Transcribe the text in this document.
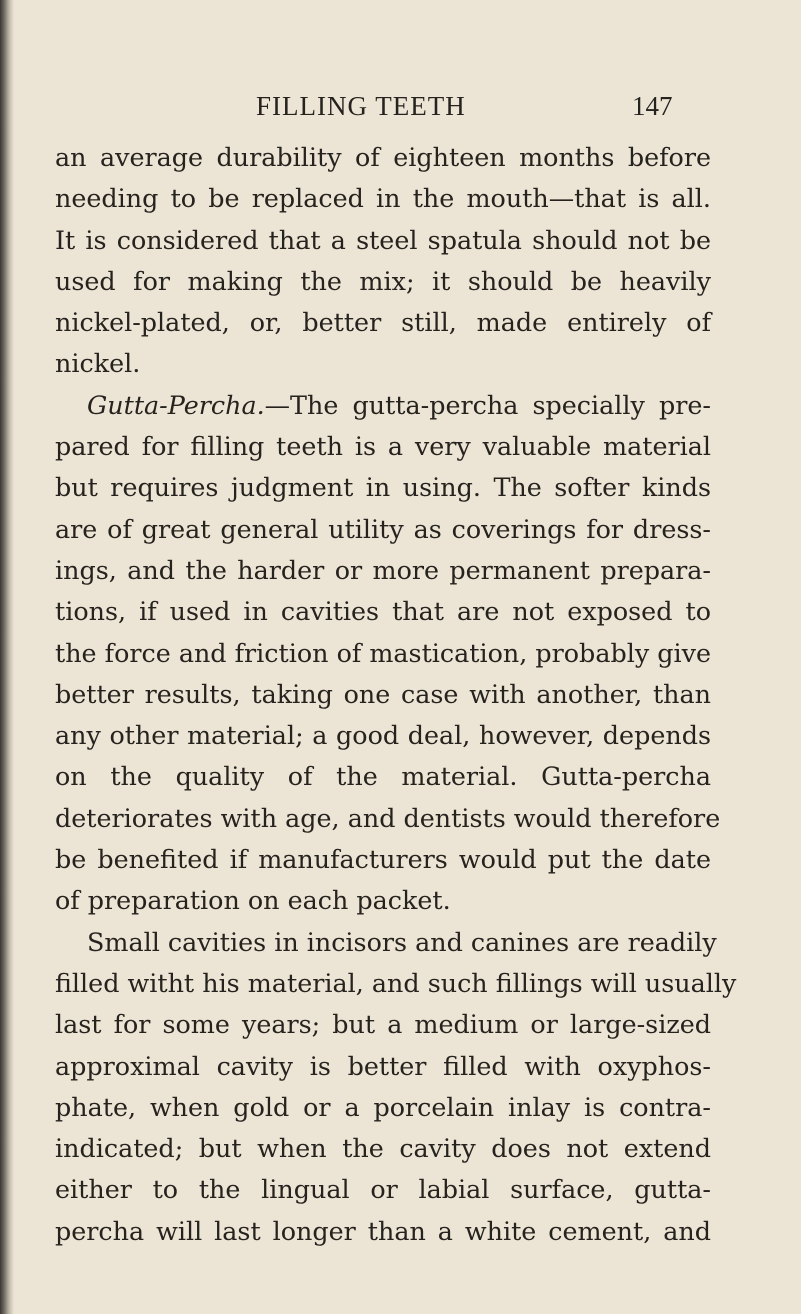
FILLING TEETH	147
an average durability of eighteen months before
needing to be replaced in the mouth—that is all.
It is considered that a steel spatula should not be
used for making the mix; it should be heavily
nickel-plated, or, better still, made entirely of
nickel.
Gutta-Percha.—The gutta-percha specially pre-
pared for filling teeth is a very valuable material
but requires judgment in using. The softer kinds
are of great general utility as coverings for dress-
ings, and the harder or more permanent prepara-
tions, if used in cavities that are not exposed to
the force and friction of mastication, probably give
better results, taking one case with another, than
any other material; a good deal, however, depends
on the quality of the material. Gutta-percha
deteriorates with age, and dentists would therefore
be benefited if manufacturers would put the date
of preparation on each packet.
Small cavities in incisors and canines are readily
filled witht his material, and such fillings will usually
last for some years; but a medium or large-sized
approximal cavity is better filled with oxyphos-
phate, when gold or a porcelain inlay is contra-
indicated; but when the cavity does not extend
either to the lingual or labial surface, gutta-
percha will last longer than a white cement, and
